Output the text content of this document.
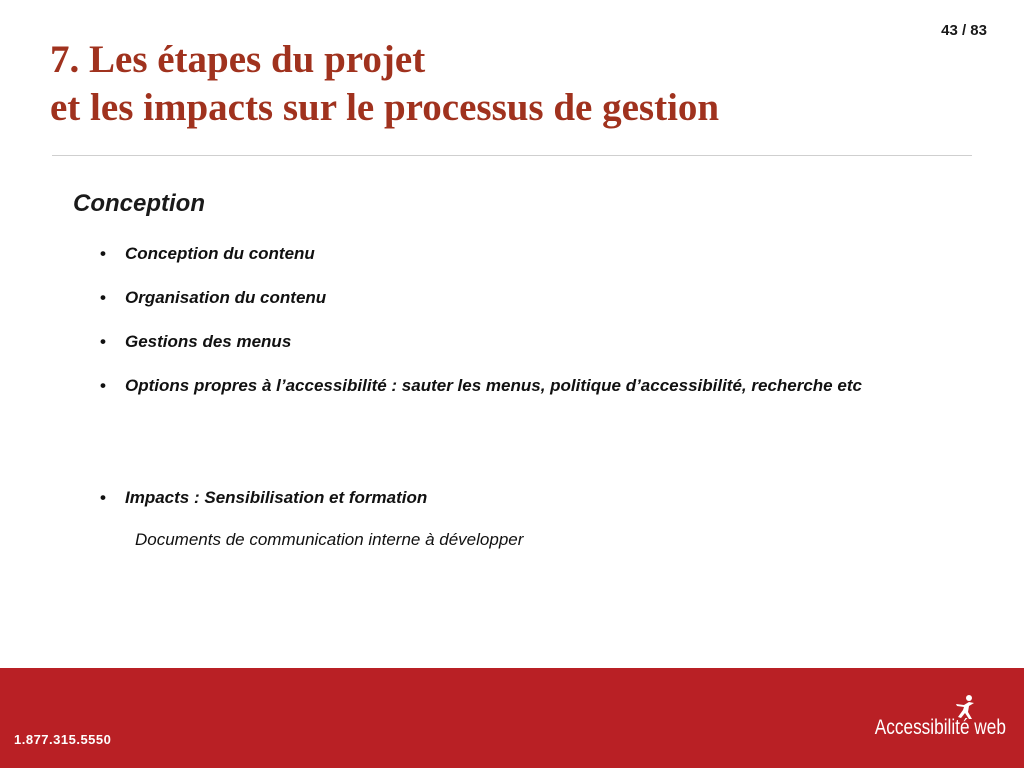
43 / 83
7. Les étapes du projet
et les impacts sur le processus de gestion
Conception
• Conception du contenu
• Organisation du contenu
• Gestions des menus
• Options propres à l’accessibilité : sauter les menus, politique d’accessibilité, recherche etc
• Impacts : Sensibilisation et formation
Documents de communication interne à développer
1.877.315.5550
Accessibilité web
